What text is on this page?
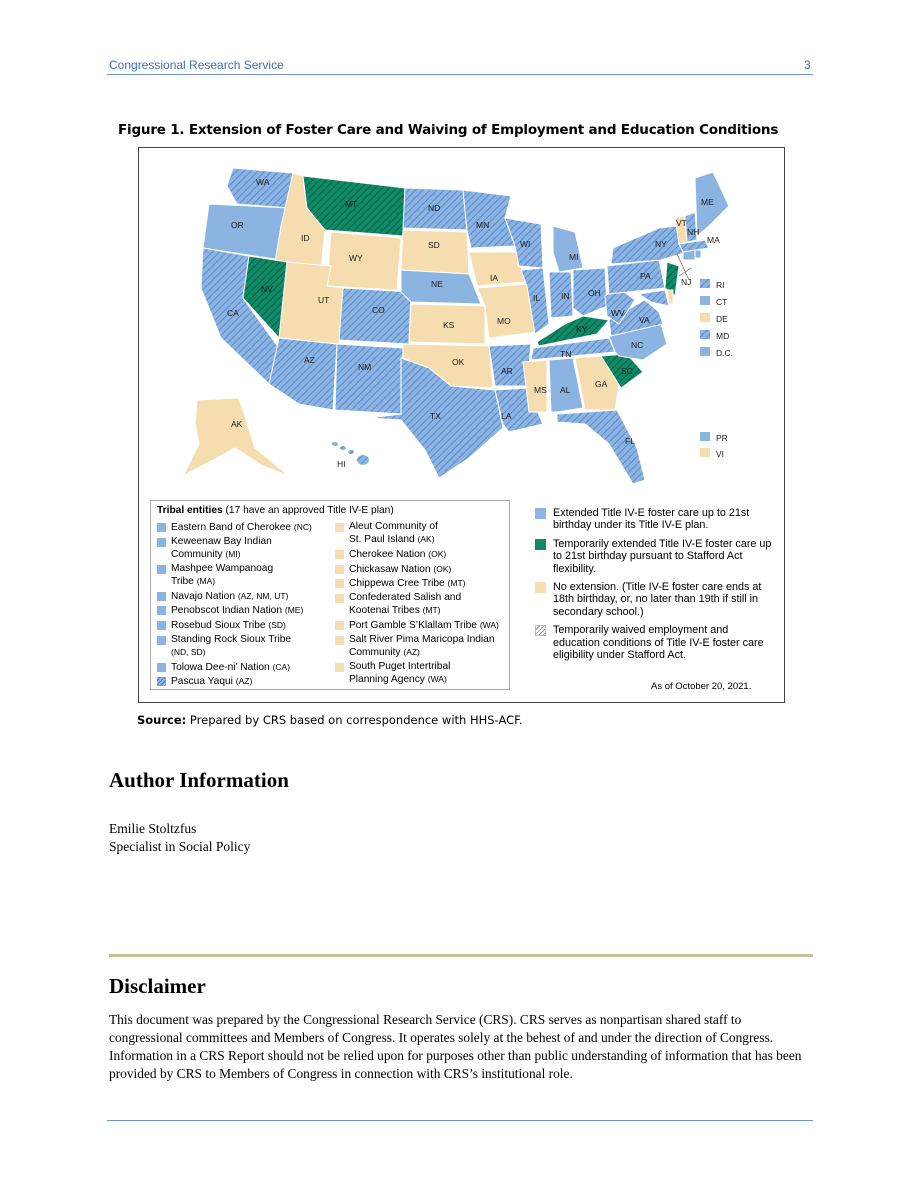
Congressional Research Service	3
Figure 1. Extension of Foster Care and Waiving of Employment and Education Conditions
WA
MT	ND
MN
ME
OR
ID
SD	WI
MI
VT
NH
MA
NY
WY
IA
NE
NV
UT
CO
IL IN OH
PA
NJ
CA
KS	MO
KY
WV
VA
RI
CT
DE
MD
D.C.
AZ
NM	OK
TN
NC
AR
MS AL
GA
SC
TX	LA
FL
AK
HI
PR
VI
Tribal entities (17 have an approved Title IV-E plan)
Eastern Band of Cherokee (NC)
Keweenaw Bay Indian
Community (MI)
Mashpee Wampanoag
Tribe (MA)
Navajo Nation (AZ, NM, UT)
Penobscot Indian Nation (ME)
Rosebud Sioux Tribe (SD)
Standing Rock Sioux Tribe
(ND, SD)
Tolowa Dee-ni’ Nation (CA)
Pascua Yaqui (AZ)
Aleut Community of
St. Paul Island (AK)
Cherokee Nation (OK)
Chickasaw Nation (OK)
Chippewa Cree Tribe (MT)
Confederated Salish and
Kootenai Tribes (MT)
Port Gamble S’Klallam Tribe (WA)
Salt River Pima Maricopa Indian
Community (AZ)
South Puget Intertribal
Planning Agency (WA)
Extended Title IV-E foster care up to 21st birthday under its Title IV-E plan.
Temporarily extended Title IV-E foster care up to 21st birthday pursuant to Stafford Act flexibility.
No extension. (Title IV-E foster care ends at 18th birthday, or, no later than 19th if still in secondary school.)
Temporarily waived employment and education conditions of Title IV-E foster care eligibility under Stafford Act.
As of October 20, 2021.
Source: Prepared by CRS based on correspondence with HHS-ACF.
Author Information
Emilie Stoltzfus
Specialist in Social Policy
Disclaimer
This document was prepared by the Congressional Research Service (CRS). CRS serves as nonpartisan shared staff to congressional committees and Members of Congress. It operates solely at the behest of and under the direction of Congress. Information in a CRS Report should not be relied upon for purposes other than public understanding of information that has been provided by CRS to Members of Congress in connection with CRS’s institutional role.
